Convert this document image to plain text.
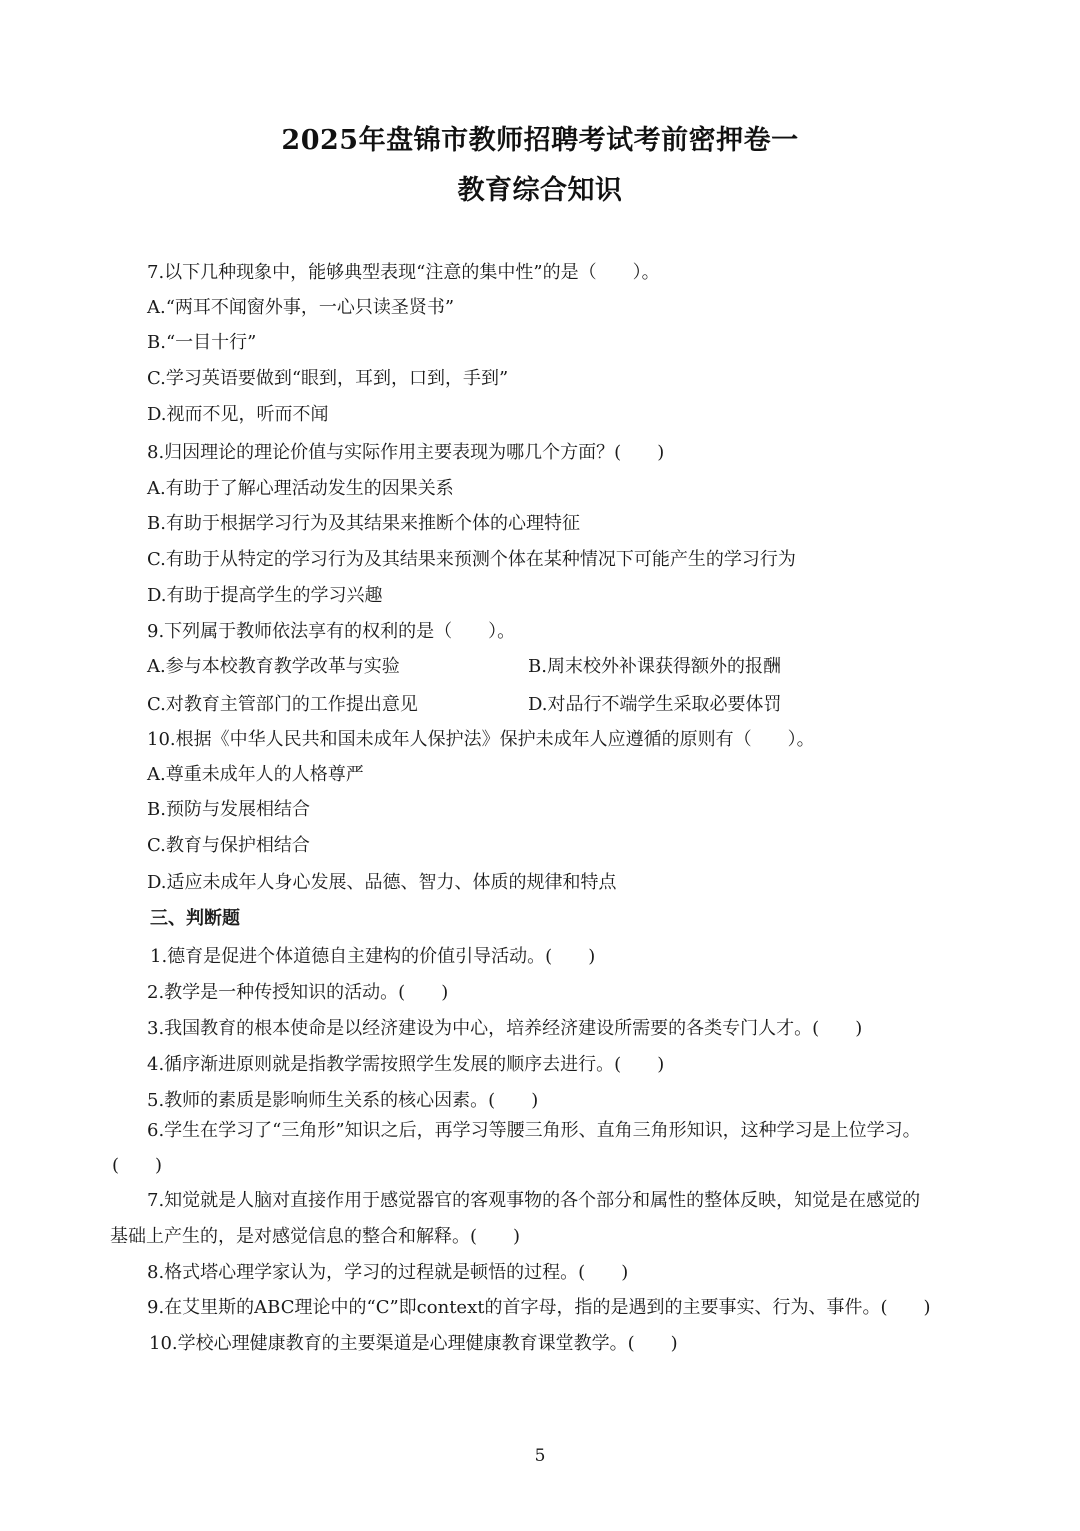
2025年盘锦市教师招聘考试考前密押卷一
教育综合知识
7.以下几种现象中，能够典型表现“注意的集中性”的是（　　）。
A.“两耳不闻窗外事，一心只读圣贤书”
B.“一目十行”
C.学习英语要做到“眼到，耳到，口到，手到”
D.视而不见，听而不闻
8.归因理论的理论价值与实际作用主要表现为哪几个方面？(　　)
A.有助于了解心理活动发生的因果关系
B.有助于根据学习行为及其结果来推断个体的心理特征
C.有助于从特定的学习行为及其结果来预测个体在某种情况下可能产生的学习行为
D.有助于提高学生的学习兴趣
9.下列属于教师依法享有的权利的是（　　）。
A.参与本校教育教学改革与实验	B.周末校外补课获得额外的报酬
C.对教育主管部门的工作提出意见	D.对品行不端学生采取必要体罚
10.根据《中华人民共和国未成年人保护法》保护未成年人应遵循的原则有（　　）。
A.尊重未成年人的人格尊严
B.预防与发展相结合
C.教育与保护相结合
D.适应未成年人身心发展、品德、智力、体质的规律和特点
三、判断题
1.德育是促进个体道德自主建构的价值引导活动。(　　)
2.教学是一种传授知识的活动。(　　)
3.我国教育的根本使命是以经济建设为中心，培养经济建设所需要的各类专门人才。(　　)
4.循序渐进原则就是指教学需按照学生发展的顺序去进行。(　　)
5.教师的素质是影响师生关系的核心因素。(　　)
6.学生在学习了“三角形”知识之后，再学习等腰三角形、直角三角形知识，这种学习是上位学习。
(　　)
7.知觉就是人脑对直接作用于感觉器官的客观事物的各个部分和属性的整体反映，知觉是在感觉的
基础上产生的，是对感觉信息的整合和解释。(　　)
8.格式塔心理学家认为，学习的过程就是顿悟的过程。(　　)
9.在艾里斯的ABC理论中的“C”即context的首字母，指的是遇到的主要事实、行为、事件。(　　)
10.学校心理健康教育的主要渠道是心理健康教育课堂教学。(　　)
5
